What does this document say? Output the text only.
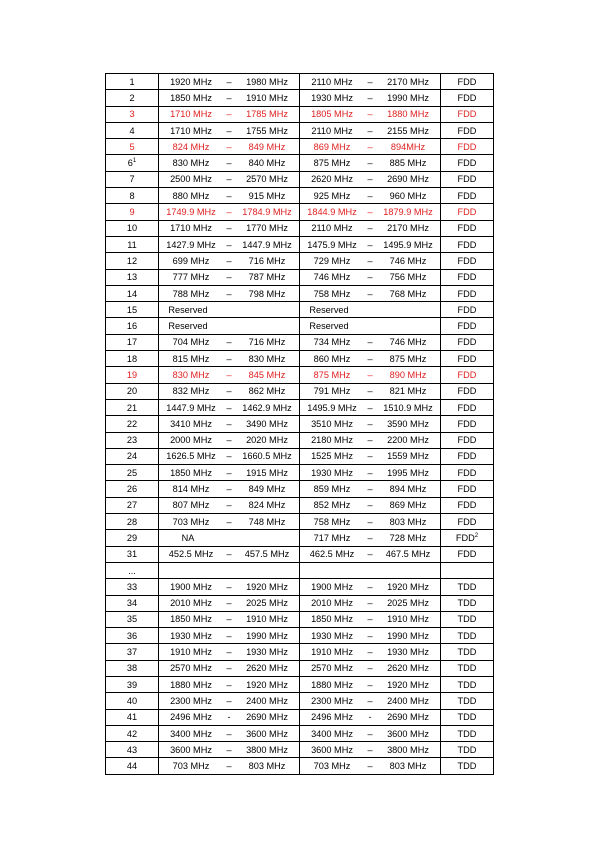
1	1920 MHz – 1980 MHz	2110 MHz – 2170 MHz	FDD
2	1850 MHz – 1910 MHz	1930 MHz – 1990 MHz	FDD
3	1710 MHz – 1785 MHz	1805 MHz – 1880 MHz	FDD
4	1710 MHz – 1755 MHz	2110 MHz – 2155 MHz	FDD
5	824 MHz – 849 MHz	869 MHz – 894MHz	FDD
$6^1$	830 MHz – 840 MHz	875 MHz – 885 MHz	FDD
7	2500 MHz – 2570 MHz	2620 MHz – 2690 MHz	FDD
8	880 MHz – 915 MHz	925 MHz – 960 MHz	FDD
9	1749.9 MHz – 1784.9 MHz	1844.9 MHz – 1879.9 MHz	FDD
10	1710 MHz – 1770 MHz	2110 MHz – 2170 MHz	FDD
11	1427.9 MHz – 1447.9 MHz	1475.9 MHz – 1495.9 MHz	FDD
12	699 MHz – 716 MHz	729 MHz – 746 MHz	FDD
13	777 MHz – 787 MHz	746 MHz – 756 MHz	FDD
14	788 MHz – 798 MHz	758 MHz – 768 MHz	FDD
15	Reserved	Reserved	FDD
16	Reserved	Reserved	FDD
17	704 MHz – 716 MHz	734 MHz – 746 MHz	FDD
18	815 MHz – 830 MHz	860 MHz – 875 MHz	FDD
19	830 MHz – 845 MHz	875 MHz – 890 MHz	FDD
20	832 MHz – 862 MHz	791 MHz – 821 MHz	FDD
21	1447.9 MHz – 1462.9 MHz	1495.9 MHz – 1510.9 MHz	FDD
22	3410 MHz – 3490 MHz	3510 MHz – 3590 MHz	FDD
23	2000 MHz – 2020 MHz	2180 MHz – 2200 MHz	FDD
24	1626.5 MHz – 1660.5 MHz	1525 MHz – 1559 MHz	FDD
25	1850 MHz – 1915 MHz	1930 MHz – 1995 MHz	FDD
26	814 MHz – 849 MHz	859 MHz – 894 MHz	FDD
27	807 MHz – 824 MHz	852 MHz – 869 MHz	FDD
28	703 MHz – 748 MHz	758 MHz – 803 MHz	FDD
29	NA	717 MHz – 728 MHz	FDD$^2$
31	452.5 MHz – 457.5 MHz	462.5 MHz – 467.5 MHz	FDD
...			
33	1900 MHz – 1920 MHz	1900 MHz – 1920 MHz	TDD
34	2010 MHz – 2025 MHz	2010 MHz – 2025 MHz	TDD
35	1850 MHz – 1910 MHz	1850 MHz – 1910 MHz	TDD
36	1930 MHz – 1990 MHz	1930 MHz – 1990 MHz	TDD
37	1910 MHz – 1930 MHz	1910 MHz – 1930 MHz	TDD
38	2570 MHz – 2620 MHz	2570 MHz – 2620 MHz	TDD
39	1880 MHz – 1920 MHz	1880 MHz – 1920 MHz	TDD
40	2300 MHz – 2400 MHz	2300 MHz – 2400 MHz	TDD
41	2496 MHz - 2690 MHz	2496 MHz - 2690 MHz	TDD
42	3400 MHz – 3600 MHz	3400 MHz – 3600 MHz	TDD
43	3600 MHz – 3800 MHz	3600 MHz – 3800 MHz	TDD
44	703 MHz – 803 MHz	703 MHz – 803 MHz	TDD
